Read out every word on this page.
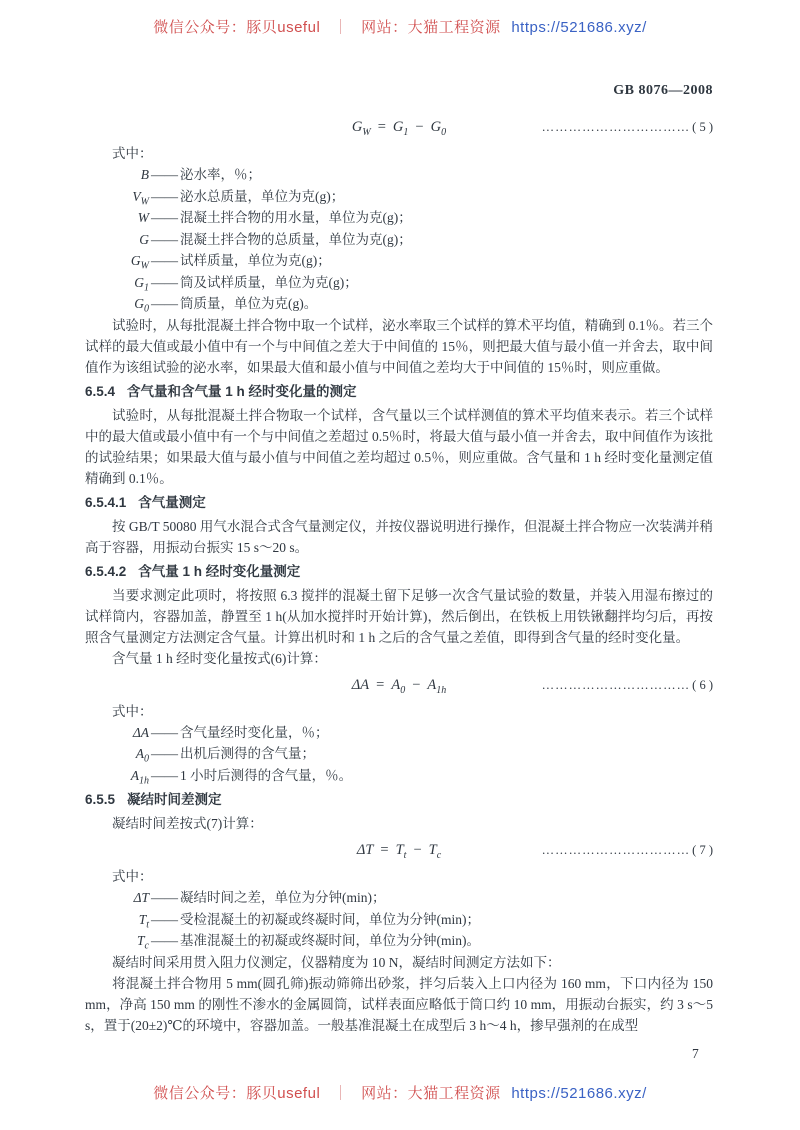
微信公众号：豚贝useful ｜ 网站：大猫工程资源 https://521686.xyz/
GB 8076—2008
$G_W = G_1 - G_0$	…………………………… ( 5 )
式中：
B —— 泌水率，％；
$V_W$ —— 泌水总质量，单位为克(g)；
W —— 混凝土拌合物的用水量，单位为克(g)；
G —— 混凝土拌合物的总质量，单位为克(g)；
$G_W$ —— 试样质量，单位为克(g)；
$G_1$ —— 筒及试样质量，单位为克(g)；
$G_0$ —— 筒质量，单位为克(g)。

试验时，从每批混凝土拌合物中取一个试样，泌水率取三个试样的算术平均值，精确到 0.1％。若三个试样的最大值或最小值中有一个与中间值之差大于中间值的 15％，则把最大值与最小值一并舍去，取中间值作为该组试验的泌水率，如果最大值和最小值与中间值之差均大于中间值的 15％时，则应重做。

6.5.4 含气量和含气量 1 h 经时变化量的测定

试验时，从每批混凝土拌合物取一个试样，含气量以三个试样测值的算术平均值来表示。若三个试样中的最大值或最小值中有一个与中间值之差超过 0.5％时，将最大值与最小值一并舍去，取中间值作为该批的试验结果；如果最大值与最小值与中间值之差均超过 0.5％，则应重做。含气量和 1 h 经时变化量测定值精确到 0.1％。

6.5.4.1 含气量测定

按 GB/T 50080 用气水混合式含气量测定仪，并按仪器说明进行操作，但混凝土拌合物应一次装满并稍高于容器，用振动台振实 15 s～20 s。

6.5.4.2 含气量 1 h 经时变化量测定

当要求测定此项时，将按照 6.3 搅拌的混凝土留下足够一次含气量试验的数量，并装入用湿布擦过的试样筒内，容器加盖，静置至 1 h(从加水搅拌时开始计算)，然后倒出，在铁板上用铁锹翻拌均匀后，再按照含气量测定方法测定含气量。计算出机时和 1 h 之后的含气量之差值，即得到含气量的经时变化量。

含气量 1 h 经时变化量按式(6)计算：

$\Delta A = A_0 - A_{1h}$	…………………………… ( 6 )
式中：
ΔA —— 含气量经时变化量，％；
$A_0$ —— 出机后测得的含气量；
$A_{1h}$ —— 1 小时后测得的含气量，％。
6.5.5 凝结时间差测定

凝结时间差按式(7)计算：

$\Delta T = T_t - T_c$	…………………………… ( 7 )
式中：
ΔT —— 凝结时间之差，单位为分钟(min)；
$T_t$ —— 受检混凝土的初凝或终凝时间，单位为分钟(min)；
$T_c$ —— 基准混凝土的初凝或终凝时间，单位为分钟(min)。

凝结时间采用贯入阻力仪测定，仪器精度为 10 N，凝结时间测定方法如下：

将混凝土拌合物用 5 mm(圆孔筛)振动筛筛出砂浆，拌匀后装入上口内径为 160 mm，下口内径为 150 mm，净高 150 mm 的刚性不渗水的金属圆筒，试样表面应略低于筒口约 10 mm，用振动台振实，约 3 s～5 s，置于(20±2)℃的环境中，容器加盖。一般基准混凝土在成型后 3 h～4 h，掺早强剂的在成型

7
微信公众号：豚贝useful ｜ 网站：大猫工程资源 https://521686.xyz/
